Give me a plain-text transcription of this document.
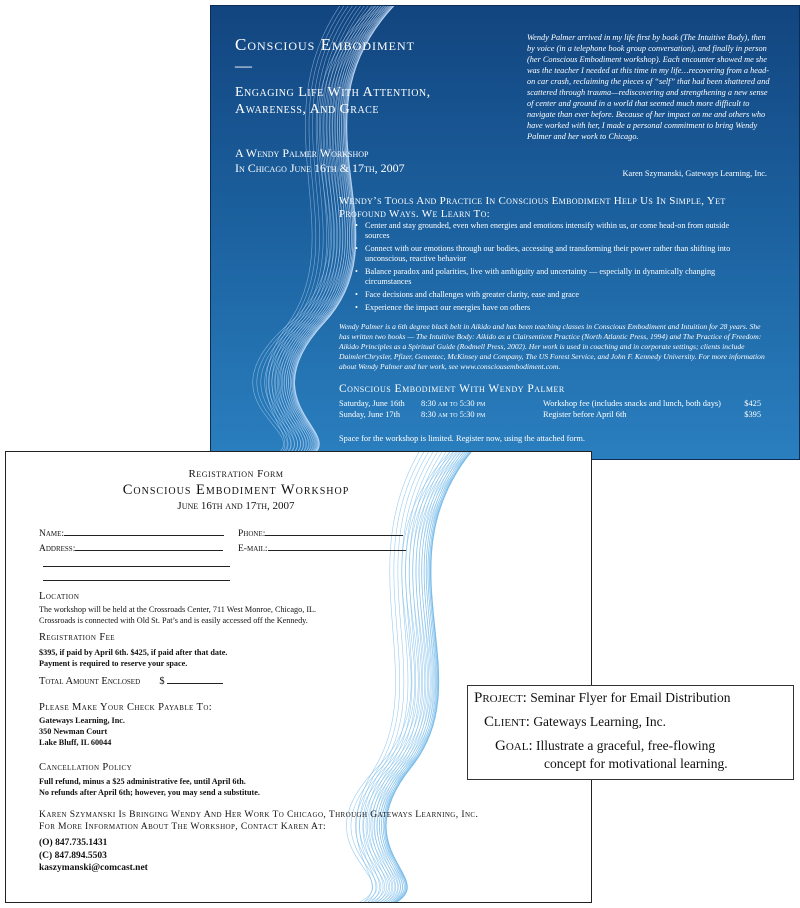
Conscious Embodiment —
Engaging Life With Attention, Awareness, And Grace
A Wendy Palmer Workshop
In Chicago June 16th & 17th, 2007
Wendy Palmer arrived in my life first by book (The Intuitive Body), then by voice (in a telephone book group conversation), and finally in person (her Conscious Embodiment workshop). Each encounter showed me she was the teacher I needed at this time in my life…recovering from a head-on car crash, reclaiming the pieces of “self” that had been shattered and scattered through trauma—rediscovering and strengthening a new sense of center and ground in a world that seemed much more difficult to navigate than ever before. Because of her impact on me and others who have worked with her, I made a personal commitment to bring Wendy Palmer and her work to Chicago.
Karen Szymanski, Gateways Learning, Inc.
Wendy’s Tools And Practice In Conscious Embodiment Help Us In Simple, Yet Profound Ways. We Learn To:
• Center and stay grounded, even when energies and emotions intensify within us, or come head-on from outside sources
• Connect with our emotions through our bodies, accessing and transforming their power rather than shifting into unconscious, reactive behavior
• Balance paradox and polarities, live with ambiguity and uncertainty — especially in dynamically changing circumstances
• Face decisions and challenges with greater clarity, ease and grace
• Experience the impact our energies have on others
Wendy Palmer is a 6th degree black belt in Aikido and has been teaching classes in Conscious Embodiment and Intuition for 28 years. She has written two books — The Intuitive Body: Aikido as a Clairsentient Practice (North Atlantic Press, 1994) and The Practice of Freedom: Aikido Principles as a Spiritual Guide (Rodmell Press, 2002). Her work is used in coaching and in corporate settings; clients include DaimlerChrysler, Pfizer, Genentec, McKinsey and Company, The US Forest Service, and John F. Kennedy University. For more information about Wendy Palmer and her work, see www.consciousembodiment.com.
Conscious Embodiment With Wendy Palmer
Saturday, June 16th 8:30 am to 5:30 pm	Workshop fee (includes snacks and lunch, both days)	$425
Sunday, June 17th 8:30 am to 5:30 pm	Register before April 6th	$395
Space for the workshop is limited. Register now, using the attached form.
Registration Form
Conscious Embodiment Workshop
June 16th and 17th, 2007
Name:	Phone:
Address:	E-mail:
Location
The workshop will be held at the Crossroads Center, 711 West Monroe, Chicago, IL.
Crossroads is connected with Old St. Pat’s and is easily accessed off the Kennedy.
Registration Fee
$395, if paid by April 6th. $425, if paid after that date.
Payment is required to reserve your space.
Total Amount Enclosed $
Please Make Your Check Payable To:
Gateways Learning, Inc.
350 Newman Court
Lake Bluff, IL 60044
Cancellation Policy
Full refund, minus a $25 administrative fee, until April 6th.
No refunds after April 6th; however, you may send a substitute.
Karen Szymanski Is Bringing Wendy And Her Work To Chicago, Through Gateways Learning, Inc.
For More Information About The Workshop, Contact Karen At:
(O) 847.735.1431
(C) 847.894.5503
kaszymanski@comcast.net
Project: Seminar Flyer for Email Distribution
Client: Gateways Learning, Inc.
Goal: Illustrate a graceful, free-flowing
concept for motivational learning.
